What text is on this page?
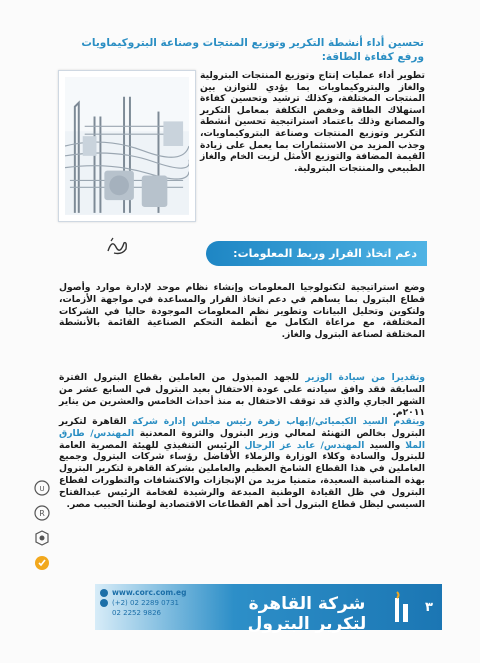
تحسين أداء أنشطة التكرير وتوزيع المنتجات وصناعة البتروكيماويات ورفع كفاءة الطاقة:
تطوير أداء عمليات إنتاج وتوزيع المنتجات البترولية والغاز والبتروكيماويات بما يؤدي للتوازن بين المنتجات المختلفة، وكذلك ترشيد وتحسين كفاءة استهلاك الطاقة وخفض التكلفة بمعامل التكرير والمصانع وذلك باعتماد استراتيجية تحسين أنشطة التكرير وتوزيع المنتجات وصناعة البتروكيماويات، وجذب المزيد من الاستثمارات بما يعمل على زيادة القيمة المضافة والتوزيع الأمثل لزيت الخام والغاز الطبيعي والمنتجات البترولية.
دعم اتخاذ القرار وربط المعلومات:
وضع استراتيجية لتكنولوجيا المعلومات وإنشاء نظام موحد لإدارة موارد وأصول قطاع البترول بما يساهم في دعم اتخاذ القرار والمساعدة في مواجهة الأزمات، ولتكوين وتحليل البيانات وتطوير نظم المعلومات الموجودة حاليا في الشركات المختلفة، مع مراعاة التكامل مع أنظمة التحكم الصناعية القائمة بالأنشطة المختلفة لصناعة البترول والغاز.
وتقديرا من سيادة الوزير للجهد المبذول من العاملين بقطاع البترول الفترة السابقة فقد وافق سيادته على عودة الاحتفال بعيد البترول في السابع عشر من الشهر الجاري والذي قد توقف الاحتفال به منذ أحداث الخامس والعشرين من يناير ٢٠١١م.
ويتقدم السيد الكيميائي/إيهاب زهرة رئيس مجلس إدارة شركة القاهرة لتكرير البترول بخالص التهنئة لمعالي وزير البترول والثروة المعدنية المهندس/ طارق الملا والسيد المهندس/ عابد عز الرجال الرئيس التنفيذي للهيئة المصرية العامة للبترول والسادة وكلاء الوزارة والزملاء الأفاضل رؤساء شركات البترول وجميع العاملين في هذا القطاع الشامخ العظيم والعاملين بشركة القاهرة لتكرير البترول بهذه المناسبة السعيدة، متمنيا مزيد من الإنجازات والاكتشافات والتطورات لقطاع البترول في ظل القيادة الوطنية المبدعة والرشيدة لفخامة الرئيس عبدالفتاح السيسي ليظل قطاع البترول أحد أهم القطاعات الاقتصادية لوطننا الحبيب مصر.
U
R
www.corc.com.eg
(+2) 02 2289 0731
02 2252 9826	شركة القاهرة لتكرير البترول
٣
